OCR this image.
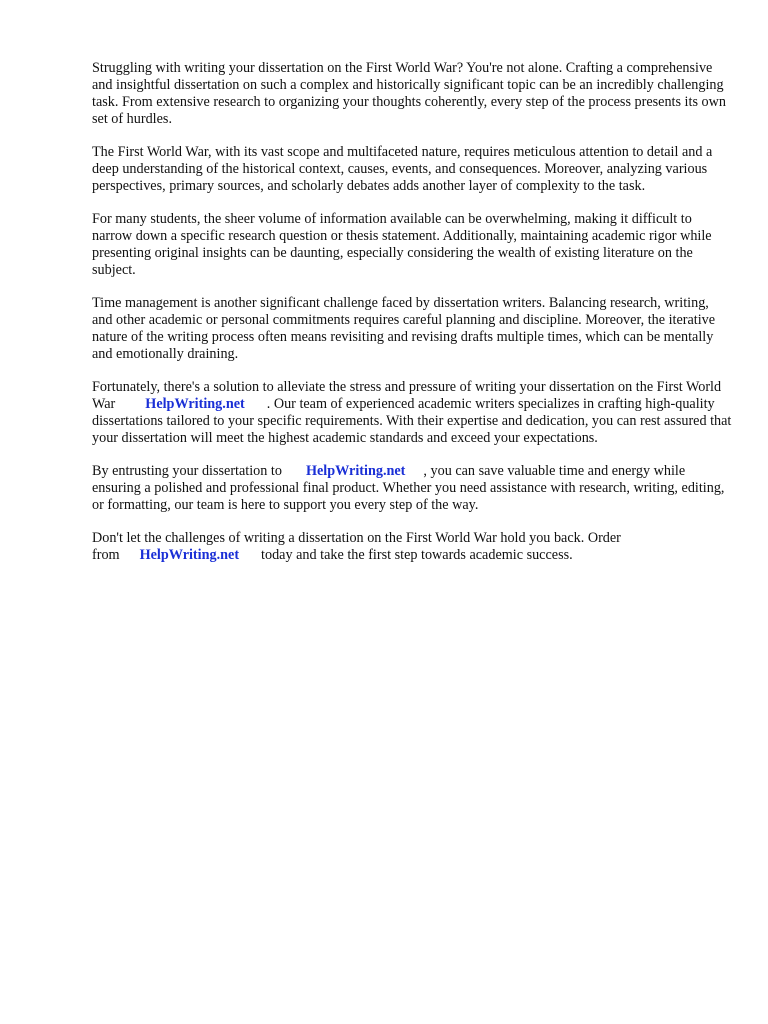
Struggling with writing your dissertation on the First World War? You're not alone. Crafting a comprehensive and insightful dissertation on such a complex and historically significant topic can be an incredibly challenging task. From extensive research to organizing your thoughts coherently, every step of the process presents its own set of hurdles.

The First World War, with its vast scope and multifaceted nature, requires meticulous attention to detail and a deep understanding of the historical context, causes, events, and consequences. Moreover, analyzing various perspectives, primary sources, and scholarly debates adds another layer of complexity to the task.

For many students, the sheer volume of information available can be overwhelming, making it difficult to narrow down a specific research question or thesis statement. Additionally, maintaining academic rigor while presenting original insights can be daunting, especially considering the wealth of existing literature on the subject.

Time management is another significant challenge faced by dissertation writers. Balancing research, writing, and other academic or personal commitments requires careful planning and discipline. Moreover, the iterative nature of the writing process often means revisiting and revising drafts multiple times, which can be mentally and emotionally draining.

Fortunately, there's a solution to alleviate the stress and pressure of writing your dissertation on the First World War HelpWriting.net . Our team of experienced academic writers specializes in crafting high-quality dissertations tailored to your specific requirements. With their expertise and dedication, you can rest assured that your dissertation will meet the highest academic standards and exceed your expectations.

By entrusting your dissertation to HelpWriting.net , you can save valuable time and energy while ensuring a polished and professional final product. Whether you need assistance with research, writing, editing, or formatting, our team is here to support you every step of the way.

Don't let the challenges of writing a dissertation on the First World War hold you back. Order from HelpWriting.net today and take the first step towards academic success.
